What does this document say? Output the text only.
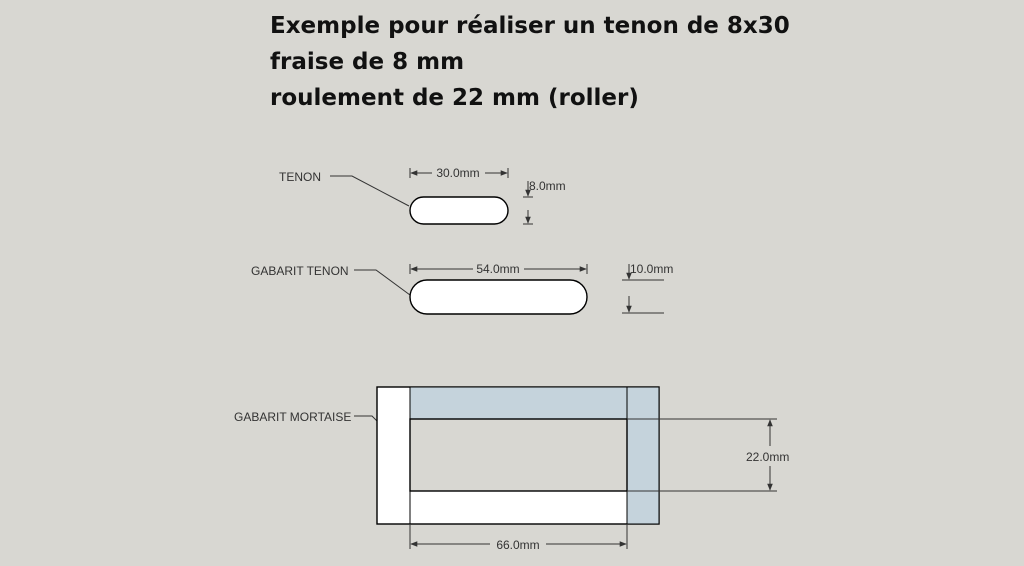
Exemple pour réaliser un tenon de 8x30
fraise de 8 mm
roulement de 22 mm (roller)
TENON	30.0mm
8.0mm
GABARIT TENON	54.0mm	10.0mm
GABARIT MORTAISE
22.0mm
66.0mm
